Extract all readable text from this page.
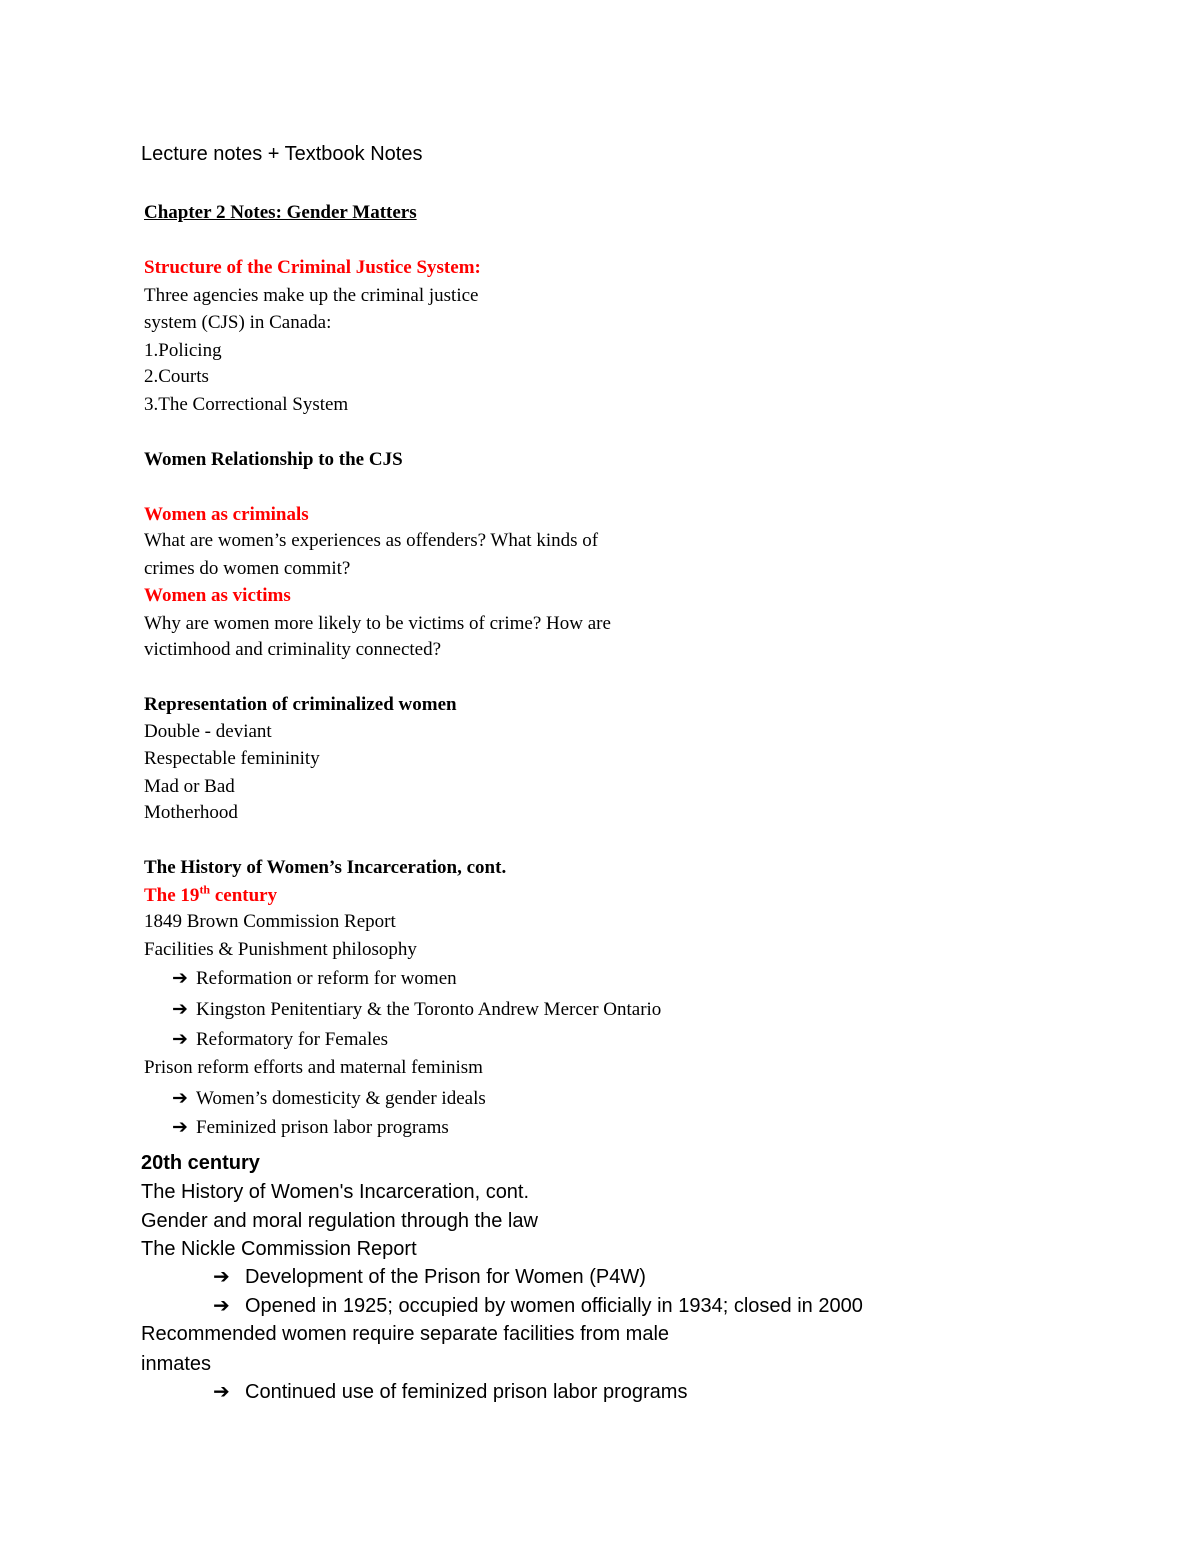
Lecture notes + Textbook Notes
Chapter 2 Notes: Gender Matters
Structure of the Criminal Justice System:
Three agencies make up the criminal justice
system (CJS) in Canada:
1.Policing
2.Courts
3.The Correctional System
Women Relationship to the CJS
Women as criminals
What are women’s experiences as offenders? What kinds of
crimes do women commit?
Women as victims
Why are women more likely to be victims of crime? How are
victimhood and criminality connected?
Representation of criminalized women
Double - deviant
Respectable femininity
Mad or Bad
Motherhood
The History of Women’s Incarceration, cont.
The 19th century
1849 Brown Commission Report
Facilities & Punishment philosophy
➔ Reformation or reform for women
➔ Kingston Penitentiary & the Toronto Andrew Mercer Ontario
➔ Reformatory for Females
Prison reform efforts and maternal feminism
➔ Women’s domesticity & gender ideals
➔ Feminized prison labor programs
20th century
The History of Women's Incarceration, cont.
Gender and moral regulation through the law
The Nickle Commission Report
➔ Development of the Prison for Women (P4W)
➔ Opened in 1925; occupied by women officially in 1934; closed in 2000
Recommended women require separate facilities from male
inmates
➔ Continued use of feminized prison labor programs
